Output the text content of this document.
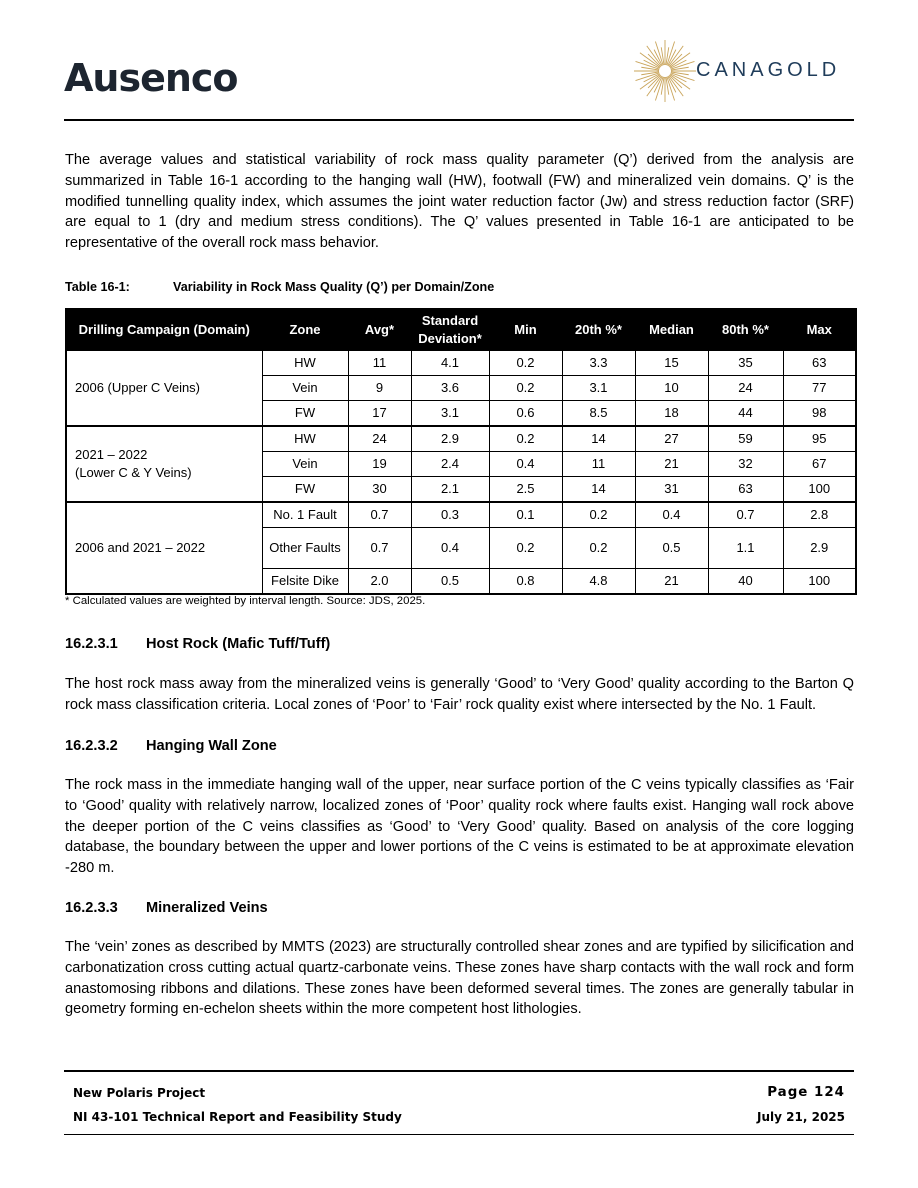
Ausenco	CANAGOLD
The average values and statistical variability of rock mass quality parameter (Q’) derived from the analysis are summarized in Table 16-1 according to the hanging wall (HW), footwall (FW) and mineralized vein domains. Q’ is the modified tunnelling quality index, which assumes the joint water reduction factor (Jw) and stress reduction factor (SRF) are equal to 1 (dry and medium stress conditions). The Q’ values presented in Table 16-1 are anticipated to be representative of the overall rock mass behavior.
Table 16-1:	Variability in Rock Mass Quality (Q’) per Domain/Zone
Drilling Campaign (Domain)	Zone	Avg*	Standard Deviation*	Min	20th %*	Median	80th %*	Max
2006 (Upper C Veins)	HW	11	4.1	0.2	3.3	15	35	63
	Vein	9	3.6	0.2	3.1	10	24	77
	FW	17	3.1	0.6	8.5	18	44	98
2021 – 2022
(Lower C & Y Veins)	HW	24	2.9	0.2	14	27	59	95
	Vein	19	2.4	0.4	11	21	32	67
	FW	30	2.1	2.5	14	31	63	100
2006 and 2021 – 2022	No. 1 Fault	0.7	0.3	0.1	0.2	0.4	0.7	2.8
	Other Faults	0.7	0.4	0.2	0.2	0.5	1.1	2.9
	Felsite Dike	2.0	0.5	0.8	4.8	21	40	100
* Calculated values are weighted by interval length. Source: JDS, 2025.
16.2.3.1 Host Rock (Mafic Tuff/Tuff)
The host rock mass away from the mineralized veins is generally ‘Good’ to ‘Very Good’ quality according to the Barton Q rock mass classification criteria. Local zones of ‘Poor’ to ‘Fair’ rock quality exist where intersected by the No. 1 Fault.
16.2.3.2 Hanging Wall Zone
The rock mass in the immediate hanging wall of the upper, near surface portion of the C veins typically classifies as ‘Fair to ‘Good’ quality with relatively narrow, localized zones of ‘Poor’ quality rock where faults exist. Hanging wall rock above the deeper portion of the C veins classifies as ‘Good’ to ‘Very Good’ quality. Based on analysis of the core logging database, the boundary between the upper and lower portions of the C veins is estimated to be at approximate elevation -280 m.
16.2.3.3 Mineralized Veins
The ‘vein’ zones as described by MMTS (2023) are structurally controlled shear zones and are typified by silicification and carbonatization cross cutting actual quartz-carbonate veins. These zones have sharp contacts with the wall rock and form anastomosing ribbons and dilations. These zones have been deformed several times. The zones are generally tabular in geometry forming en-echelon sheets within the more competent host lithologies.
New Polaris Project
NI 43-101 Technical Report and Feasibility Study
Page 124
July 21, 2025
